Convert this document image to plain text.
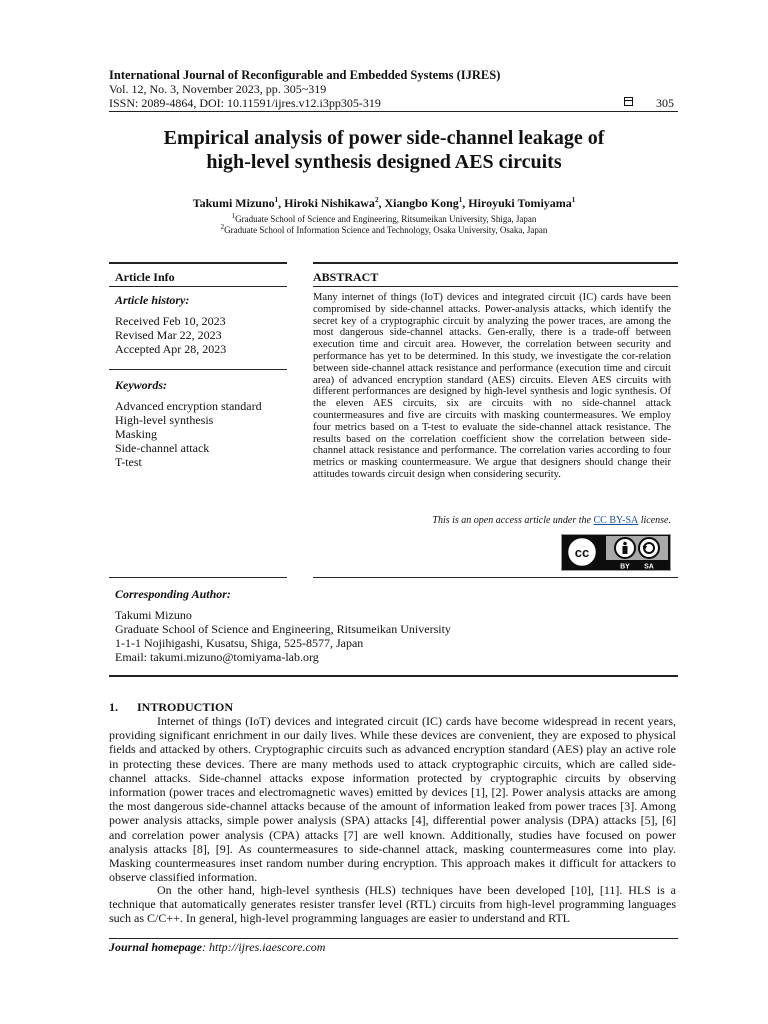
International Journal of Reconfigurable and Embedded Systems (IJRES)
Vol. 12, No. 3, November 2023, pp. 305~319
ISSN: 2089-4864, DOI: 10.11591/ijres.v12.i3pp305-319	305
Empirical analysis of power side-channel leakage of
high-level synthesis designed AES circuits
Takumi Mizuno$^1$, Hiroki Nishikawa$^2$, Xiangbo Kong$^1$, Hiroyuki Tomiyama$^1$
$^1$Graduate School of Science and Engineering, Ritsumeikan University, Shiga, Japan
$^2$Graduate School of Information Science and Technology, Osaka University, Osaka, Japan
Article Info
Article history:
Received Feb 10, 2023
Revised Mar 22, 2023
Accepted Apr 28, 2023
Keywords:
Advanced encryption standard
High-level synthesis
Masking
Side-channel attack
T-test
ABSTRACT
Many internet of things (IoT) devices and integrated circuit (IC) cards have been compromised by side-channel attacks. Power-analysis attacks, which identify the secret key of a cryptographic circuit by analyzing the power traces, are among the most dangerous side-channel attacks. Gen-erally, there is a trade-off between execution time and circuit area. However, the correlation between security and performance has yet to be determined. In this study, we investigate the cor-relation between side-channel attack resistance and performance (execution time and circuit area) of advanced encryption standard (AES) circuits. Eleven AES circuits with different performances are designed by high-level synthesis and logic synthesis. Of the eleven AES circuits, six are circuits with no side-channel attack countermeasures and five are circuits with masking countermeasures. We employ four metrics based on a T-test to evaluate the side-channel attack resistance. The results based on the correlation coefficient show the correlation between side-channel attack resistance and performance. The correlation varies according to four metrics or masking countermeasure. We argue that designers should change their attitudes towards circuit design when considering security.
This is an open access article under the CC BY-SA license.
cc
BY SA
Corresponding Author:
Takumi Mizuno
Graduate School of Science and Engineering, Ritsumeikan University
1-1-1 Nojihigashi, Kusatsu, Shiga, 525-8577, Japan
Email: takumi.mizuno@tomiyama-lab.org
1. INTRODUCTION
Internet of things (IoT) devices and integrated circuit (IC) cards have become widespread in recent years, providing significant enrichment in our daily lives. While these devices are convenient, they are exposed to physical fields and attacked by others. Cryptographic circuits such as advanced encryption standard (AES) play an active role in protecting these devices. There are many methods used to attack cryptographic circuits, which are called side-channel attacks. Side-channel attacks expose information protected by cryptographic circuits by observing information (power traces and electromagnetic waves) emitted by devices [1], [2]. Power analysis attacks are among the most dangerous side-channel attacks because of the amount of information leaked from power traces [3]. Among power analysis attacks, simple power analysis (SPA) attacks [4], differential power analysis (DPA) attacks [5], [6] and correlation power analysis (CPA) attacks [7] are well known. Additionally, studies have focused on power analysis attacks [8], [9]. As countermeasures to side-channel attack, masking countermeasures come into play. Masking countermeasures inset random number during encryption. This approach makes it difficult for attackers to observe classified information.
On the other hand, high-level synthesis (HLS) techniques have been developed [10], [11]. HLS is a technique that automatically generates resister transfer level (RTL) circuits from high-level programming languages such as C/C++. In general, high-level programming languages are easier to understand and RTL
Journal homepage: http://ijres.iaescore.com
